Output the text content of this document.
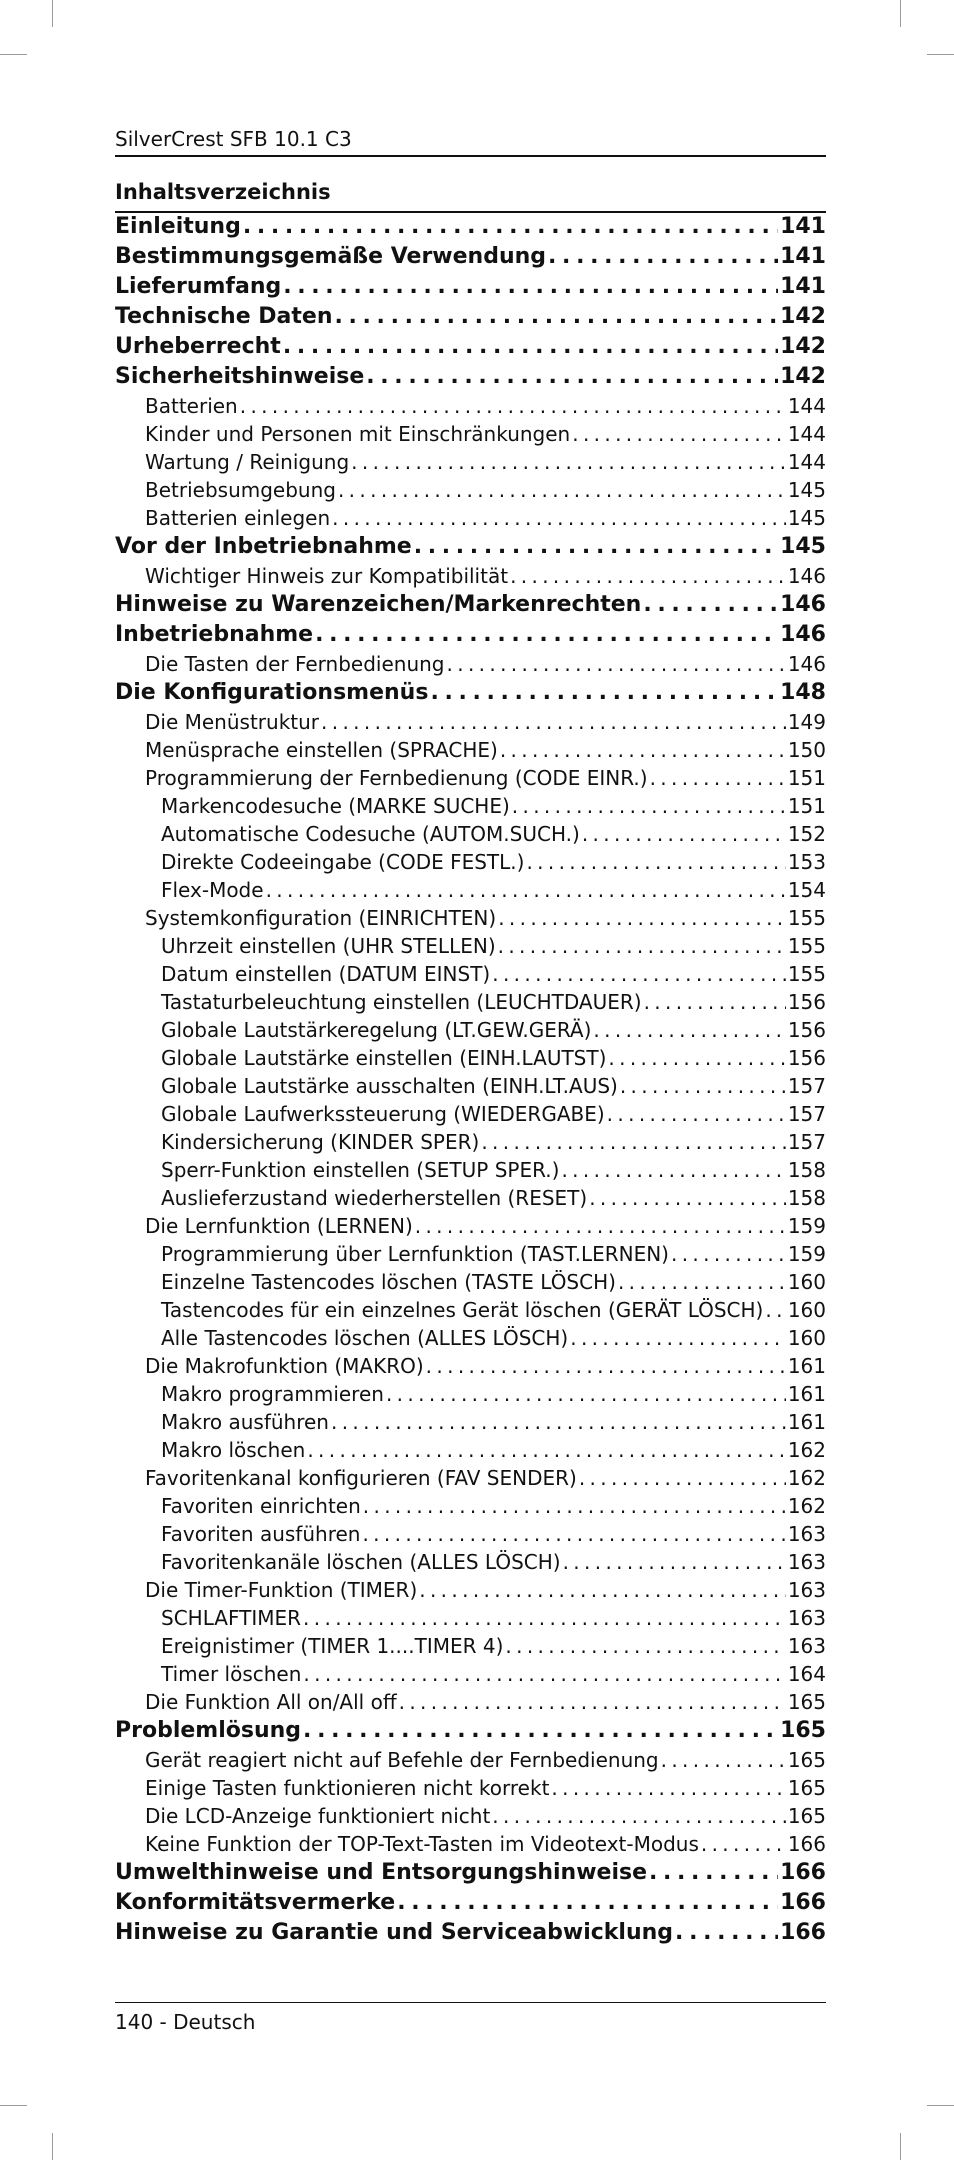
SilverCrest SFB 10.1 C3
Inhaltsverzeichnis
Einleitung . . .	141
Bestimmungsgemäße Verwendung . . .	141
Lieferumfang . . .	141
Technische Daten . . .	142
Urheberrecht . . .	142
Sicherheitshinweise . . .	142
Batterien . . .	144
Kinder und Personen mit Einschränkungen . . .	144
Wartung / Reinigung . . .	144
Betriebsumgebung . . .	145
Batterien einlegen . . .	145
Vor der Inbetriebnahme . . .	145
Wichtiger Hinweis zur Kompatibilität . . .	146
Hinweise zu Warenzeichen/Markenrechten . . .	146
Inbetriebnahme . . .	146
Die Tasten der Fernbedienung . . .	146
Die Konfigurationsmenüs . . .	148
Die Menüstruktur . . .	149
Menüsprache einstellen (SPRACHE) . . .	150
Programmierung der Fernbedienung (CODE EINR.) . . .	151
Markencodesuche (MARKE SUCHE) . . .	151
Automatische Codesuche (AUTOM.SUCH.) . . .	152
Direkte Codeeingabe (CODE FESTL.) . . .	153
Flex-Mode . . .	154
Systemkonfiguration (EINRICHTEN) . . .	155
Uhrzeit einstellen (UHR STELLEN) . . .	155
Datum einstellen (DATUM EINST) . . .	155
Tastaturbeleuchtung einstellen (LEUCHTDAUER) . . .	156
Globale Lautstärkeregelung (LT.GEW.GERÄ) . . .	156
Globale Lautstärke einstellen (EINH.LAUTST) . . .	156
Globale Lautstärke ausschalten (EINH.LT.AUS) . . .	157
Globale Laufwerkssteuerung (WIEDERGABE) . . .	157
Kindersicherung (KINDER SPER) . . .	157
Sperr-Funktion einstellen (SETUP SPER.) . . .	158
Auslieferzustand wiederherstellen (RESET) . . .	158
Die Lernfunktion (LERNEN) . . .	159
Programmierung über Lernfunktion (TAST.LERNEN) . . .	159
Einzelne Tastencodes löschen (TASTE LÖSCH) . . .	160
Tastencodes für ein einzelnes Gerät löschen (GERÄT LÖSCH) . . . 160
Alle Tastencodes löschen (ALLES LÖSCH) . . .	160
Die Makrofunktion (MAKRO) . . .	161
Makro programmieren . . .	161
Makro ausführen . . .	161
Makro löschen . . .	162
Favoritenkanal konfigurieren (FAV SENDER) . . .	162
Favoriten einrichten . . .	162
Favoriten ausführen . . .	163
Favoritenkanäle löschen (ALLES LÖSCH) . . .	163
Die Timer-Funktion (TIMER) . . .	163
SCHLAFTIMER . . .	163
Ereignistimer (TIMER 1....TIMER 4) . . .	163
Timer löschen . . .	164
Die Funktion All on/All off . . .	165
Problemlösung . . .	165
Gerät reagiert nicht auf Befehle der Fernbedienung . . .	165
Einige Tasten funktionieren nicht korrekt . . .	165
Die LCD-Anzeige funktioniert nicht . . .	165
Keine Funktion der TOP-Text-Tasten im Videotext-Modus . . .	166
Umwelthinweise und Entsorgungshinweise . . .	166
Konformitätsvermerke . . .	166
Hinweise zu Garantie und Serviceabwicklung . . .	166
140 - Deutsch
